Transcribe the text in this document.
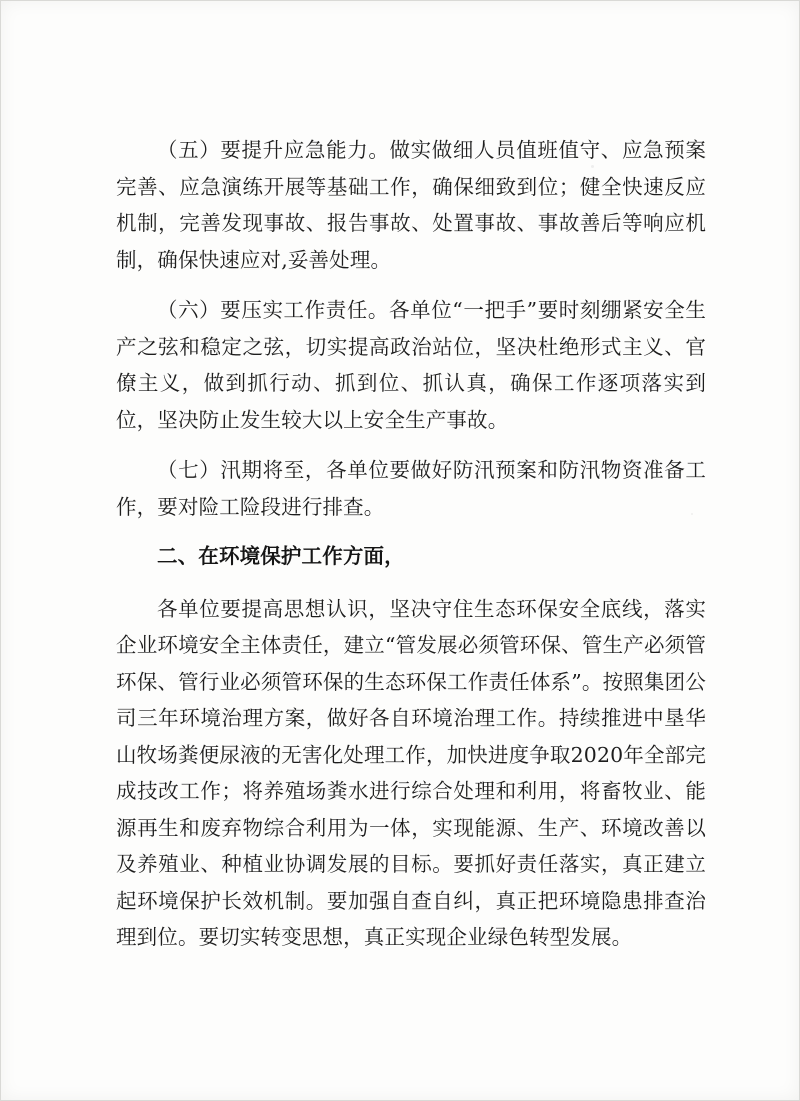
（五）要提升应急能力。做实做细人员值班值守、应急预案完善、应急演练开展等基础工作，确保细致到位；健全快速反应机制，完善发现事故、报告事故、处置事故、事故善后等响应机制，确保快速应对,妥善处理。

（六）要压实工作责任。各单位“一把手”要时刻绷紧安全生产之弦和稳定之弦，切实提高政治站位，坚决杜绝形式主义、官僚主义，做到抓行动、抓到位、抓认真，确保工作逐项落实到位，坚决防止发生较大以上安全生产事故。

（七）汛期将至，各单位要做好防汛预案和防汛物资准备工作，要对险工险段进行排查。

二、在环境保护工作方面，

各单位要提高思想认识，坚决守住生态环保安全底线，落实企业环境安全主体责任，建立“管发展必须管环保、管生产必须管环保、管行业必须管环保的生态环保工作责任体系”。按照集团公司三年环境治理方案，做好各自环境治理工作。持续推进中垦华山牧场粪便尿液的无害化处理工作，加快进度争取2020年全部完成技改工作；将养殖场粪水进行综合处理和利用，将畜牧业、能源再生和废弃物综合利用为一体，实现能源、生产、环境改善以及养殖业、种植业协调发展的目标。要抓好责任落实，真正建立起环境保护长效机制。要加强自查自纠，真正把环境隐患排查治理到位。要切实转变思想，真正实现企业绿色转型发展。
